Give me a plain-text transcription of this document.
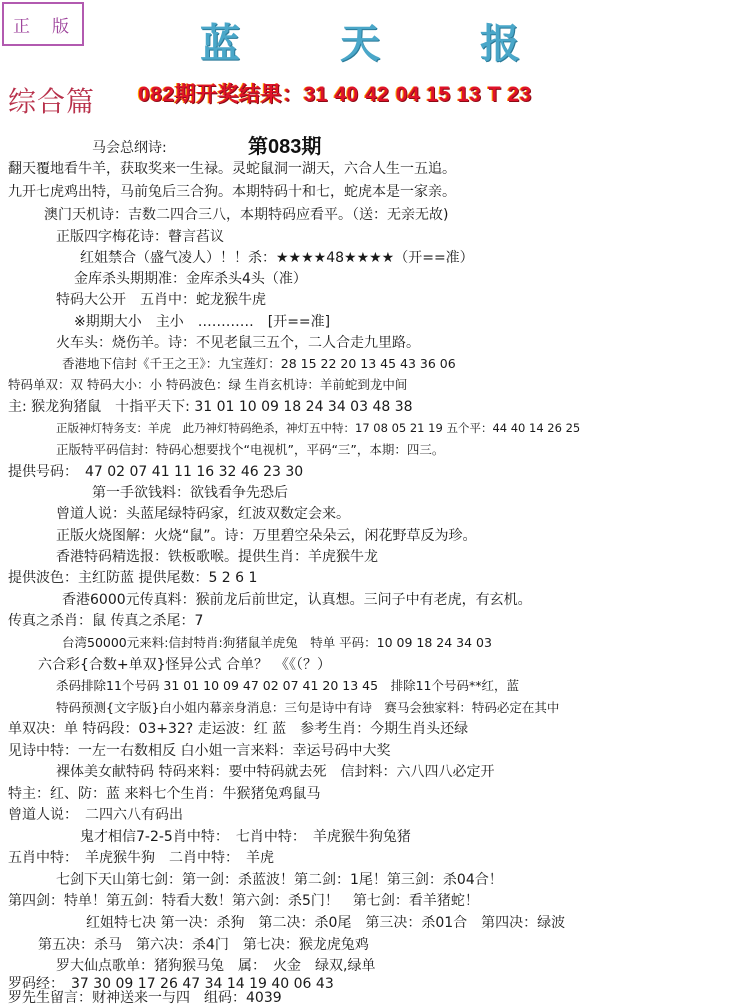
正 版	蓝	天	报
综合篇 082期开奖结果：31 40 42 04 15 13 T 23
第083期
马会总纲诗:
翻天覆地看牛羊，获取奖来一生禄。灵蛇鼠洞一湖天，六合人生一五追。
九开七虎鸡出特，马前兔后三合狗。本期特码十和七，蛇虎本是一家亲。
澳门天机诗：吉数二四合三八，本期特码应看平。（送：无亲无故)
正版四字梅花诗：瞽言萏议
红姐禁合（盛气凌人）！！杀：★★★★48★★★★（开==准）
金库杀头期期准：金库杀头4头（准）
特码大公开　五肖中：蛇龙猴牛虎
※期期大小　主小　…………　[开==准]
火车头：烧伤羊。诗：不见老鼠三五个，二人合走九里路。
香港地下信封《千王之王》：九宝莲灯：28 15 22 20 13 45 43 36 06
特码单双：双 特码大小：小 特码波色：绿 生肖玄机诗：羊前蛇到龙中间
主: 猴龙狗猪鼠　十指平天下: 31 01 10 09 18 24 34 03 48 38
正版神灯特务支：羊虎　此乃神灯特码绝杀，神灯五中特：17 08 05 21 19 五个平：44 40 14 26 25
正版特平码信封：特码心想要找个“电视机”，平码“三”，本期：四三。
提供号码：　47 02 07 41 11 16 32 46 23 30
第一手欲钱料：欲钱看争先恐后
曾道人说：头蓝尾绿特码家，红波双数定会来。
正版火烧图解：火烧“鼠”。诗：万里碧空朵朵云，闲花野草反为珍。
香港特码精选报：铁板歌喉。提供生肖：羊虎猴牛龙
提供波色：主红防蓝 提供尾数：5 2 6 1
香港6000元传真料：猴前龙后前世定，认真想。三问子中有老虎，有玄机。
传真之杀肖：鼠 传真之杀尾：7
台湾50000元来料:信封特肖:狗猪鼠羊虎兔　特单 平码：10 09 18 24 34 03
六合彩{合数+单双}怪异公式 合单？　《《（？）
杀码排除11个号码 31 01 10 09 47 02 07 41 20 13 45　排除11个号码**红，蓝
特码预测{文字版}白小姐内幕亲身消息：三句是诗中有诗　赛马会独家料：特码必定在其中
单双决：单 特码段：03+32? 走运波：红 蓝　参考生肖：今期生肖头还绿
见诗中特：一左一右数相反 白小姐一言来料：幸运号码中大奖
裸体美女献特码 特码来料：要中特码就去死　信封料：六八四八必定开
特主：红、防：蓝 来料七个生肖：牛猴猪兔鸡鼠马
曾道人说：　二四六八有码出
鬼才相信7-2-5肖中特：　七肖中特：　羊虎猴牛狗兔猪
五肖中特：　羊虎猴牛狗　二肖中特：　羊虎
七剑下天山第七剑：第一剑：杀蓝波！第二剑：1尾！第三剑：杀04合！
第四剑：特单！第五剑：特看大数！第六剑：杀5门！　第七剑：看羊猪蛇！
红姐特七决 第一决：杀狗　第二决：杀0尾　第三决：杀01合　第四决：绿波
第五决：杀马　第六决：杀4门　第七决：猴龙虎兔鸡
罗大仙点歌单：猪狗猴马兔　属：　火金　绿双,绿单
罗码经：　37 30 09 17 26 47 34 14 19 40 06 43
罗先生留言：财神送来一与四　组码：4039
